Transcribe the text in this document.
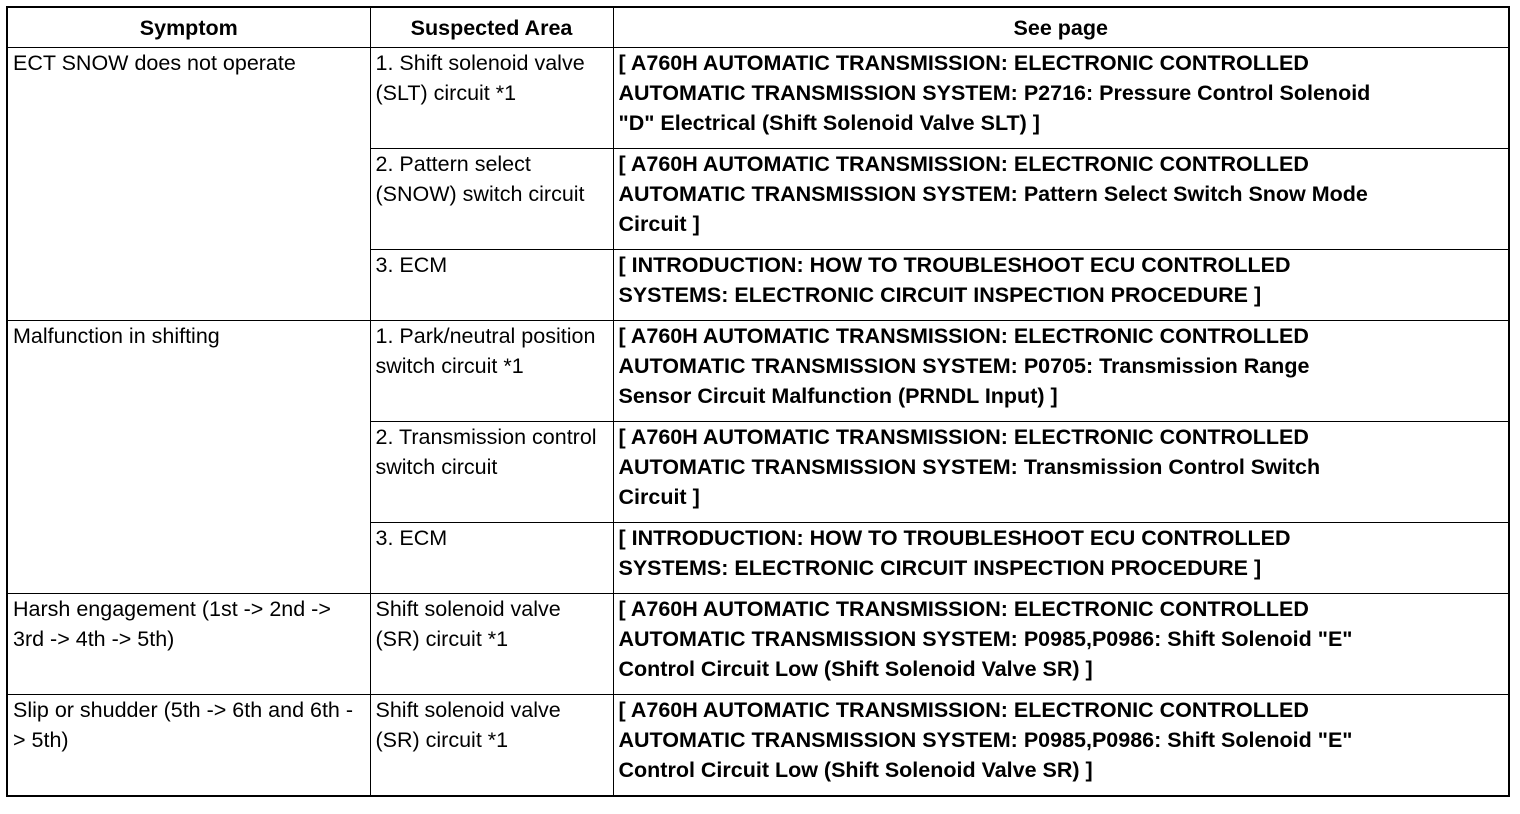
Symptom	Suspected Area	See page
ECT SNOW does not operate	1. Shift solenoid valve (SLT) circuit *1	[ A760H AUTOMATIC TRANSMISSION: ELECTRONIC CONTROLLED
AUTOMATIC TRANSMISSION SYSTEM: P2716: Pressure Control Solenoid
"D" Electrical (Shift Solenoid Valve SLT) ]

	2. Pattern select (SNOW) switch circuit	[ A760H AUTOMATIC TRANSMISSION: ELECTRONIC CONTROLLED
AUTOMATIC TRANSMISSION SYSTEM: Pattern Select Switch Snow Mode
Circuit ]

	3. ECM	[ INTRODUCTION: HOW TO TROUBLESHOOT ECU CONTROLLED
SYSTEMS: ELECTRONIC CIRCUIT INSPECTION PROCEDURE ]

Malfunction in shifting	1. Park/neutral position switch circuit *1	[ A760H AUTOMATIC TRANSMISSION: ELECTRONIC CONTROLLED
AUTOMATIC TRANSMISSION SYSTEM: P0705: Transmission Range
Sensor Circuit Malfunction (PRNDL Input) ]

	2. Transmission control switch circuit	[ A760H AUTOMATIC TRANSMISSION: ELECTRONIC CONTROLLED
AUTOMATIC TRANSMISSION SYSTEM: Transmission Control Switch
Circuit ]

	3. ECM	[ INTRODUCTION: HOW TO TROUBLESHOOT ECU CONTROLLED
SYSTEMS: ELECTRONIC CIRCUIT INSPECTION PROCEDURE ]

Harsh engagement (1st -> 2nd -> 3rd -> 4th -> 5th)	Shift solenoid valve (SR) circuit *1	[ A760H AUTOMATIC TRANSMISSION: ELECTRONIC CONTROLLED
AUTOMATIC TRANSMISSION SYSTEM: P0985,P0986: Shift Solenoid "E"
Control Circuit Low (Shift Solenoid Valve SR) ]

Slip or shudder (5th -> 6th and 6th -> 5th)	Shift solenoid valve (SR) circuit *1	[ A760H AUTOMATIC TRANSMISSION: ELECTRONIC CONTROLLED
AUTOMATIC TRANSMISSION SYSTEM: P0985,P0986: Shift Solenoid "E"
Control Circuit Low (Shift Solenoid Valve SR) ]
